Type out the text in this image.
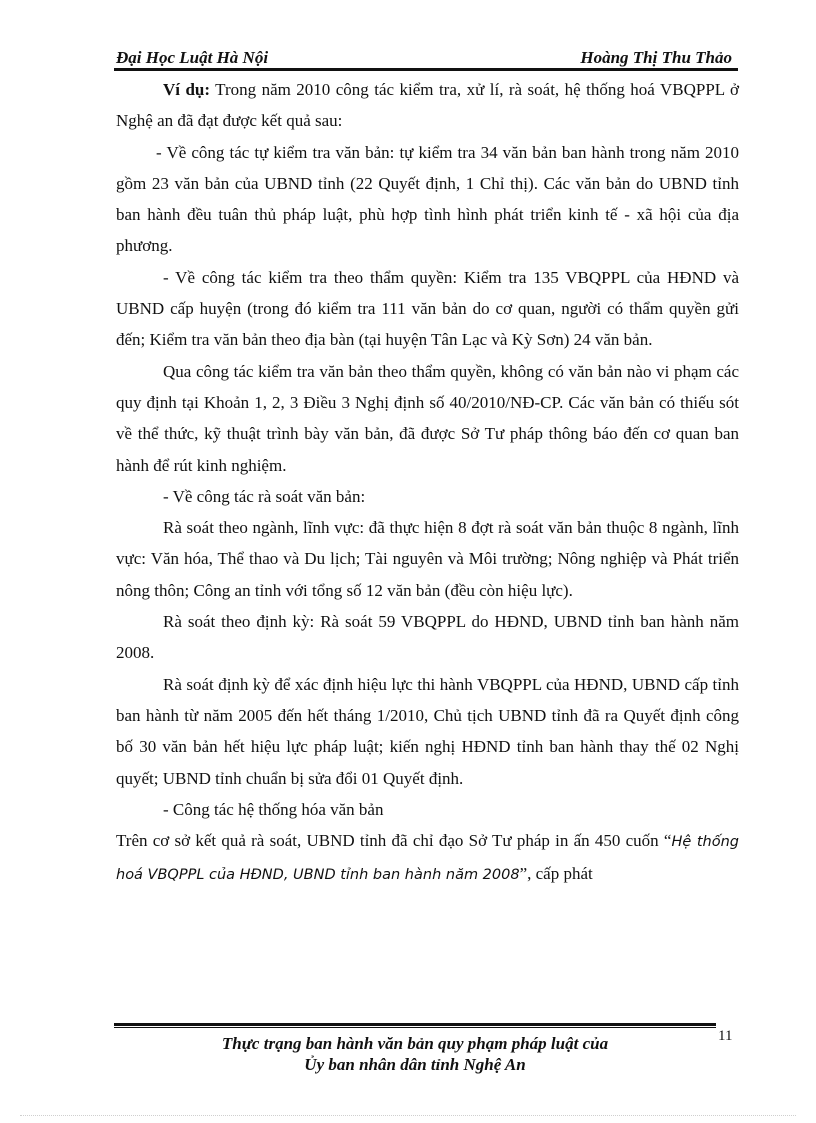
Đại Học Luật Hà Nội	Hoàng Thị Thu Thảo

Ví dụ: Trong năm 2010 công tác kiểm tra, xử lí, rà soát, hệ thống hoá VBQPPL ở Nghệ an đã đạt được kết quả sau:

- Về công tác tự kiểm tra văn bản: tự kiểm tra 34 văn bản ban hành trong năm 2010 gồm 23 văn bản của UBND tỉnh (22 Quyết định, 1 Chỉ thị). Các văn bản do UBND tỉnh ban hành đều tuân thủ pháp luật, phù hợp tình hình phát triển kinh tế - xã hội của địa phương.

- Về công tác kiểm tra theo thẩm quyền: Kiểm tra 135 VBQPPL của HĐND và UBND cấp huyện (trong đó kiểm tra 111 văn bản do cơ quan, người có thẩm quyền gửi đến; Kiểm tra văn bản theo địa bàn (tại huyện Tân Lạc và Kỳ Sơn) 24 văn bản.

Qua công tác kiểm tra văn bản theo thẩm quyền, không có văn bản nào vi phạm các quy định tại Khoản 1, 2, 3 Điều 3 Nghị định số 40/2010/NĐ-CP. Các văn bản có thiếu sót về thể thức, kỹ thuật trình bày văn bản, đã được Sở Tư pháp thông báo đến cơ quan ban hành để rút kinh nghiệm.

- Về công tác rà soát văn bản:

Rà soát theo ngành, lĩnh vực: đã thực hiện 8 đợt rà soát văn bản thuộc 8 ngành, lĩnh vực: Văn hóa, Thể thao và Du lịch; Tài nguyên và Môi trường; Nông nghiệp và Phát triển nông thôn; Công an tỉnh với tổng số 12 văn bản (đều còn hiệu lực).

Rà soát theo định kỳ: Rà soát 59 VBQPPL do HĐND, UBND tỉnh ban hành năm 2008.

Rà soát định kỳ để xác định hiệu lực thi hành VBQPPL của HĐND, UBND cấp tỉnh ban hành từ năm 2005 đến hết tháng 1/2010, Chủ tịch UBND tỉnh đã ra Quyết định công bố 30 văn bản hết hiệu lực pháp luật; kiến nghị HĐND tỉnh ban hành thay thế 02 Nghị quyết; UBND tỉnh chuẩn bị sửa đổi 01 Quyết định.

- Công tác hệ thống hóa văn bản

Trên cơ sở kết quả rà soát, UBND tỉnh đã chỉ đạo Sở Tư pháp in ấn 450 cuốn “Hệ thống hoá VBQPPL của HĐND, UBND tỉnh ban hành năm 2008”, cấp phát

11
Thực trạng ban hành văn bản quy phạm pháp luật của
Ủy ban nhân dân tỉnh Nghệ An
